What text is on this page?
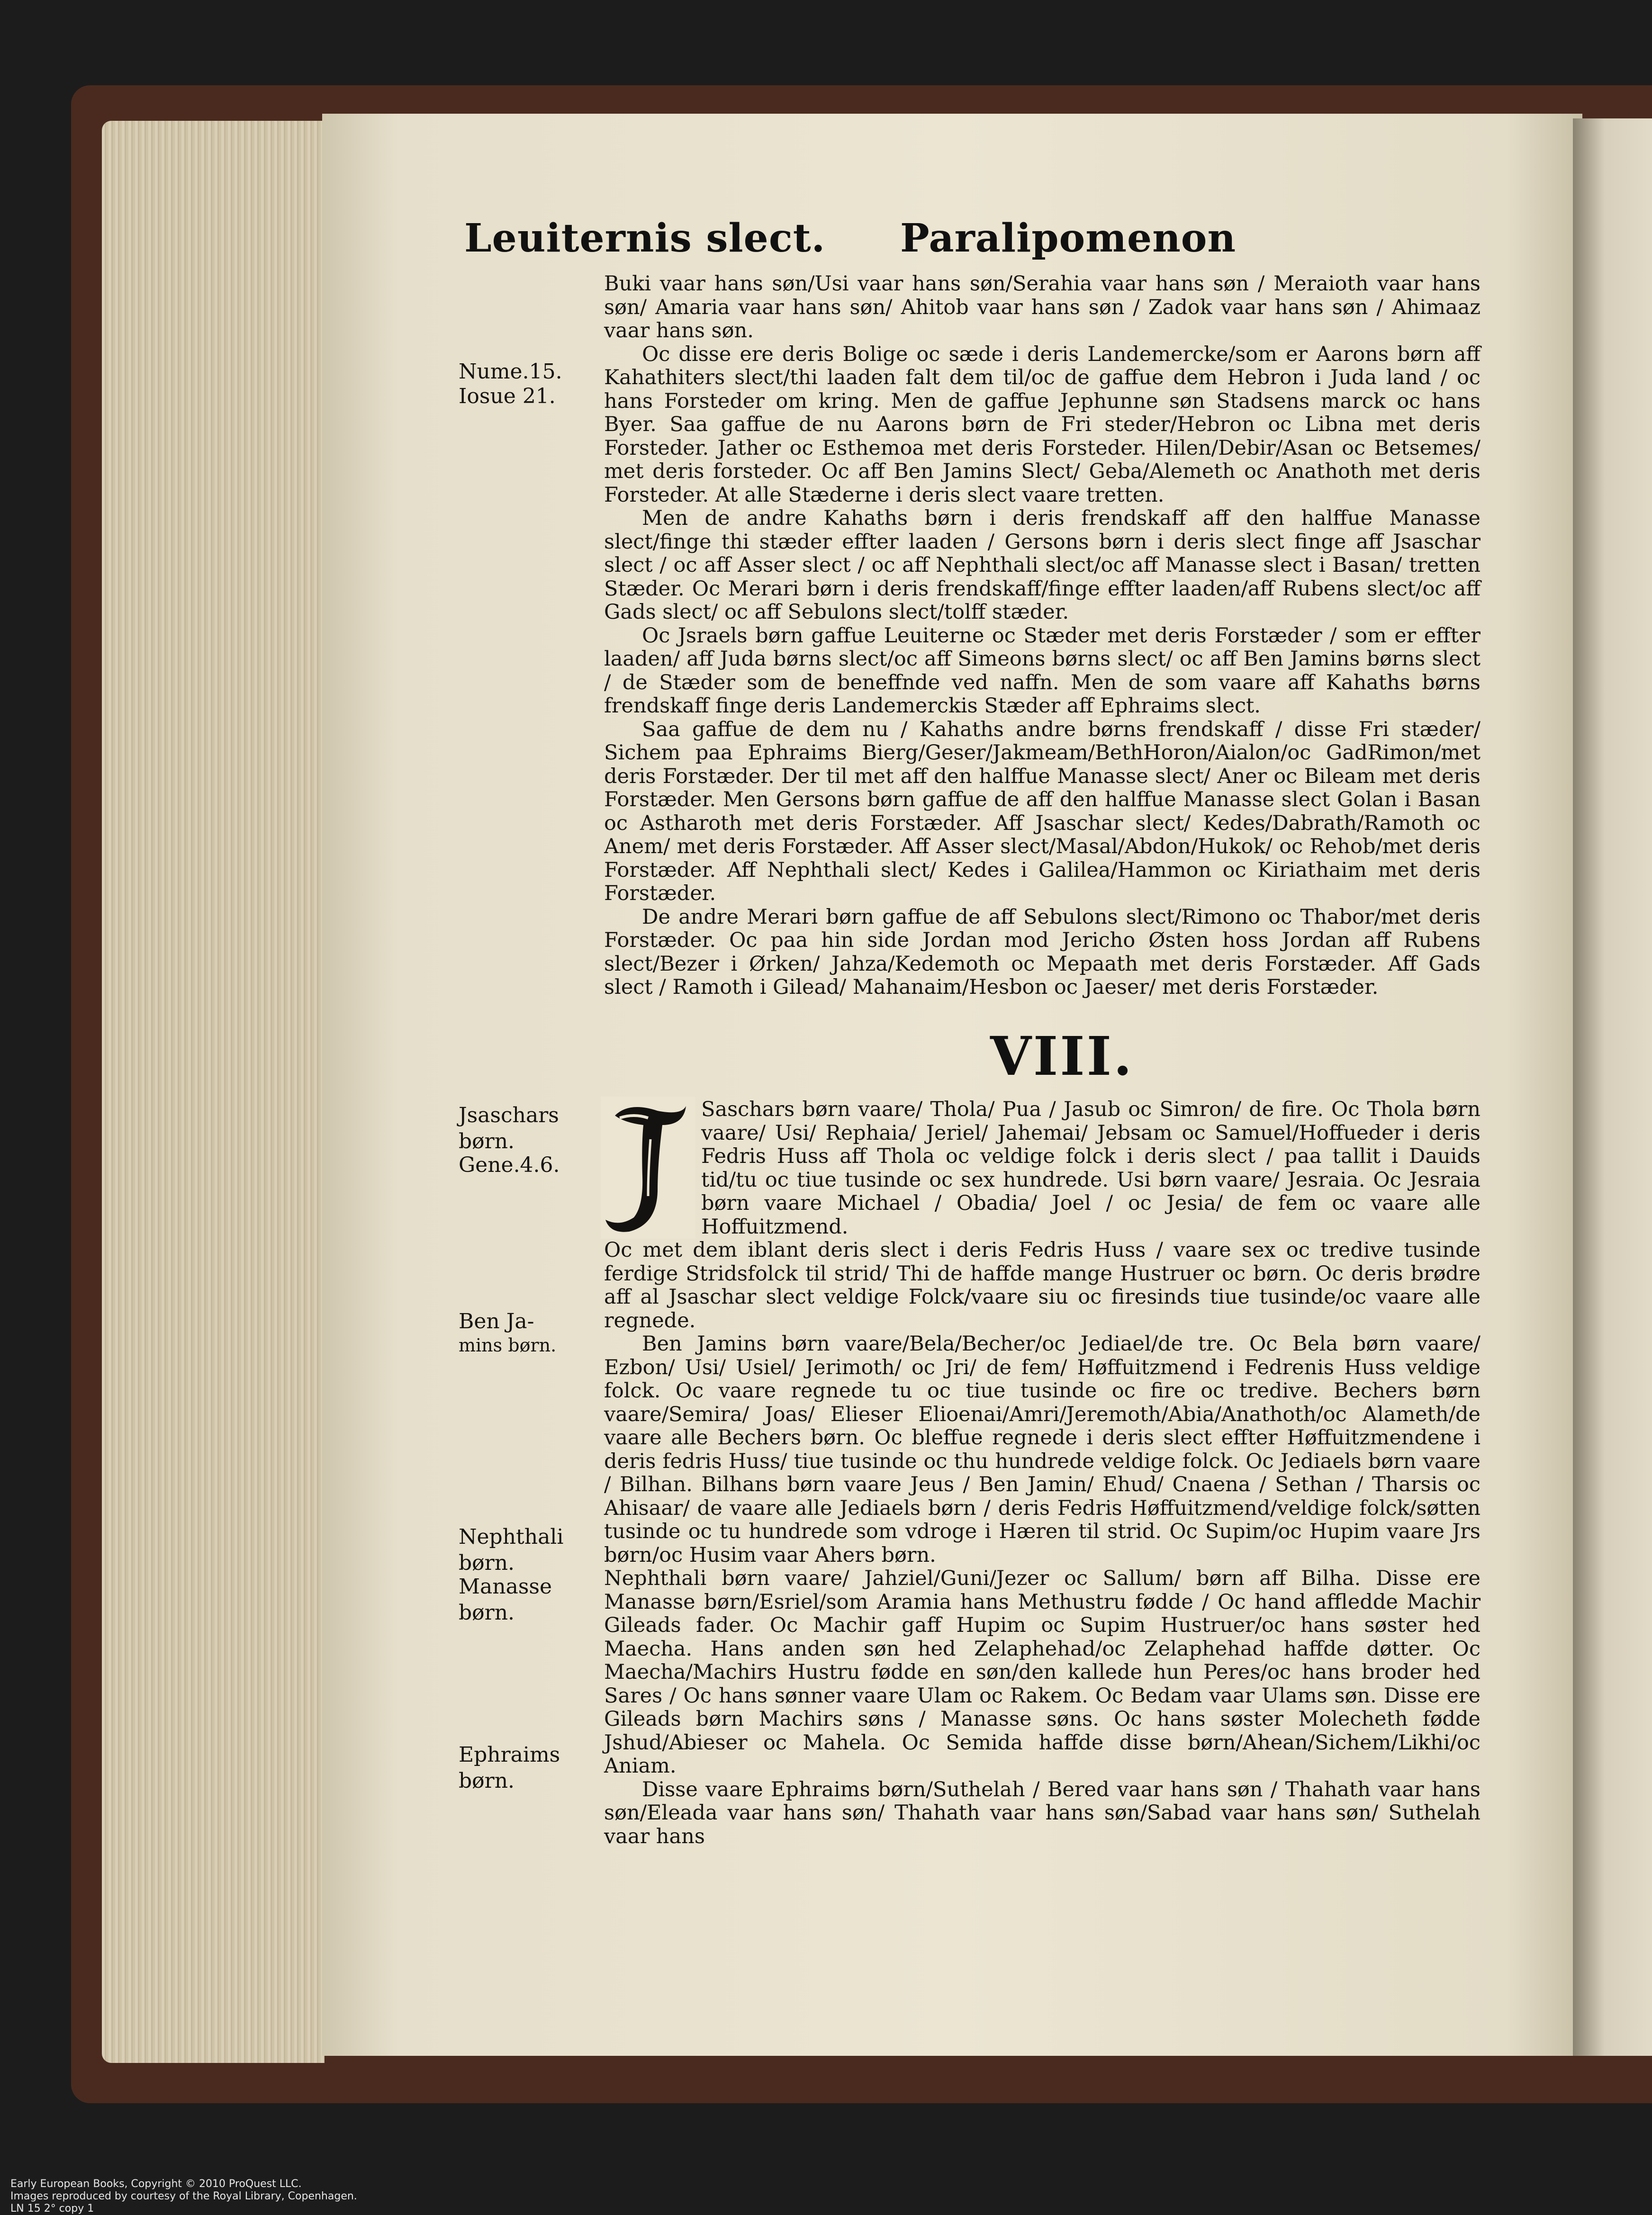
Leuiternis slect. Paralipomenon

Buki vaar hans søn/Usi vaar hans søn/Serahia vaar hans søn / Meraioth vaar hans søn/ Amaria vaar hans søn/ Ahitob vaar hans søn / Zadok vaar hans søn / Ahimaaz vaar hans søn.

Oc disse ere deris Bolige oc sæde i deris Landemercke/som er Aarons børn aff Kahathiters slect/thi laaden falt dem til/oc de gaffue dem Hebron i Juda land / oc hans Forsteder om kring. Men de gaffue Jephunne søn Stadsens marck oc hans Byer. Saa gaffue de nu Aarons børn de Fri steder/Hebron oc Libna met deris Forsteder. Jather oc Esthemoa met deris Forsteder. Hilen/Debir/Asan oc Betsemes/ met deris forsteder. Oc aff Ben Jamins Slect/ Geba/Alemeth oc Anathoth met deris Forsteder. At alle Stæderne i deris slect vaare tretten.

Men de andre Kahaths børn i deris frendskaff aff den halffue Manasse slect/finge thi stæder effter laaden / Gersons børn i deris slect finge aff Jsaschar slect / oc aff Asser slect / oc aff Nephthali slect/oc aff Manasse slect i Basan/ tretten Stæder. Oc Merari børn i deris frendskaff/finge effter laaden/aff Rubens slect/oc aff Gads slect/ oc aff Sebulons slect/tolff stæder.

Oc Jsraels børn gaffue Leuiterne oc Stæder met deris Forstæder / som er effter laaden/ aff Juda børns slect/oc aff Simeons børns slect/ oc aff Ben Jamins børns slect / de Stæder som de beneffnde ved naffn. Men de som vaare aff Kahaths børns frendskaff finge deris Landemerckis Stæder aff Ephraims slect.

Saa gaffue de dem nu / Kahaths andre børns frendskaff / disse Fri stæder/ Sichem paa Ephraims Bierg/Geser/Jakmeam/BethHoron/Aialon/oc GadRimon/met deris Forstæder. Der til met aff den halffue Manasse slect/ Aner oc Bileam met deris Forstæder. Men Gersons børn gaffue de aff den halffue Manasse slect Golan i Basan oc Astharoth met deris Forstæder. Aff Jsaschar slect/ Kedes/Dabrath/Ramoth oc Anem/ met deris Forstæder. Aff Asser slect/Masal/Abdon/Hukok/ oc Rehob/met deris Forstæder. Aff Nephthali slect/ Kedes i Galilea/Hammon oc Kiriathaim met deris Forstæder.

De andre Merari børn gaffue de aff Sebulons slect/Rimono oc Thabor/met deris Forstæder. Oc paa hin side Jordan mod Jericho Østen hoss Jordan aff Rubens slect/Bezer i Ørken/ Jahza/Kedemoth oc Mepaath met deris Forstæder. Aff Gads slect / Ramoth i Gilead/ Mahanaim/Hesbon oc Jaeser/ met deris Forstæder.

VIII.
J

Saschars børn vaare/ Thola/ Pua / Jasub oc Simron/ de fire. Oc Thola børn vaare/ Usi/ Rephaia/ Jeriel/ Jahemai/ Jebsam oc Samuel/Hoffueder i deris Fedris Huss aff Thola oc veldige folck i deris slect / paa tallit i Dauids tid/tu oc tiue tusinde oc sex hundrede. Usi børn vaare/ Jesraia. Oc Jesraia børn vaare Michael / Obadia/ Joel / oc Jesia/ de fem oc vaare alle Hoffuitzmend.

Oc met dem iblant deris slect i deris Fedris Huss / vaare sex oc tredive tusinde ferdige Stridsfolck til strid/ Thi de haffde mange Hustruer oc børn. Oc deris brødre aff al Jsaschar slect veldige Folck/vaare siu oc firesinds tiue tusinde/oc vaare alle regnede.

Ben Jamins børn vaare/Bela/Becher/oc Jediael/de tre. Oc Bela børn vaare/ Ezbon/ Usi/ Usiel/ Jerimoth/ oc Jri/ de fem/ Høffuitzmend i Fedrenis Huss veldige folck. Oc vaare regnede tu oc tiue tusinde oc fire oc tredive. Bechers børn vaare/Semira/ Joas/ Elieser Elioenai/Amri/Jeremoth/Abia/Anathoth/oc Alameth/de vaare alle Bechers børn. Oc bleffue regnede i deris slect effter Høffuitzmendene i deris fedris Huss/ tiue tusinde oc thu hundrede veldige folck. Oc Jediaels børn vaare / Bilhan. Bilhans børn vaare Jeus / Ben Jamin/ Ehud/ Cnaena / Sethan / Tharsis oc Ahisaar/ de vaare alle Jediaels børn / deris Fedris Høffuitzmend/veldige folck/søtten tusinde oc tu hundrede som vdroge i Hæren til strid. Oc Supim/oc Hupim vaare Jrs børn/oc Husim vaar Ahers børn.

Nephthali børn vaare/ Jahziel/Guni/Jezer oc Sallum/ børn aff Bilha. Disse ere Manasse børn/Esriel/som Aramia hans Methustru fødde / Oc hand affledde Machir Gileads fader. Oc Machir gaff Hupim oc Supim Hustruer/oc hans søster hed Maecha. Hans anden søn hed Zelaphehad/oc Zelaphehad haffde døtter. Oc Maecha/Machirs Hustru fødde en søn/den kallede hun Peres/oc hans broder hed Sares / Oc hans sønner vaare Ulam oc Rakem. Oc Bedam vaar Ulams søn. Disse ere Gileads børn Machirs søns / Manasse søns. Oc hans søster Molecheth fødde Jshud/Abieser oc Mahela. Oc Semida haffde disse børn/Ahean/Sichem/Likhi/oc Aniam.

Disse vaare Ephraims børn/Suthelah / Bered vaar hans søn / Thahath vaar hans søn/Eleada vaar hans søn/ Thahath vaar hans søn/Sabad vaar hans søn/ Suthelah vaar hans

Nume.15.
Iosue 21.
Jsaschars
børn.
Gene.4.6.
Ben Ja-
mins børn.
Nephthali
børn.
Manasse
børn.
Ephraims
børn.
Early European Books, Copyright © 2010 ProQuest LLC.
Images reproduced by courtesy of the Royal Library, Copenhagen.
LN 15 2° copy 1
